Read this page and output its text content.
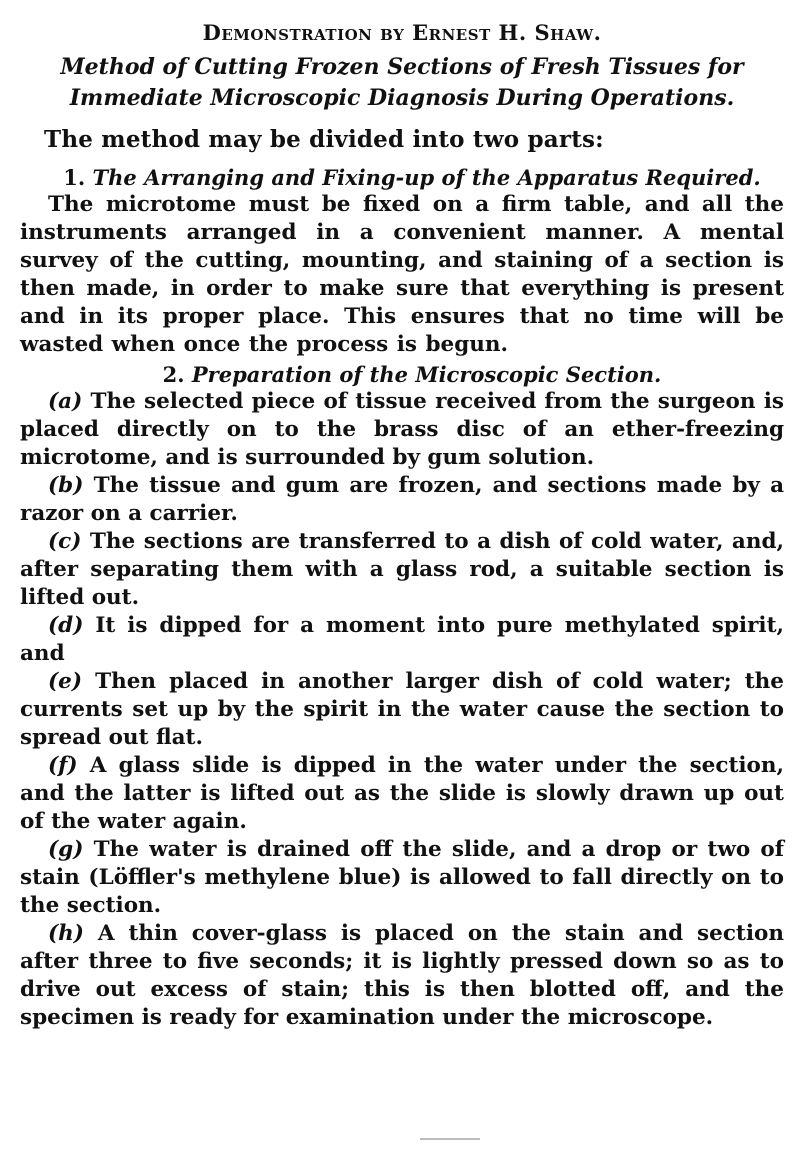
Demonstration by Ernest H. Shaw.

Method of Cutting Frozen Sections of Fresh Tissues for Immediate Microscopic Diagnosis During Operations.

The method may be divided into two parts:

1. The Arranging and Fixing-up of the Apparatus Required.

The microtome must be fixed on a firm table, and all the instruments arranged in a convenient manner. A mental survey of the cutting, mounting, and staining of a section is then made, in order to make sure that everything is present and in its proper place. This ensures that no time will be wasted when once the process is begun.

2. Preparation of the Microscopic Section.

(a) The selected piece of tissue received from the surgeon is placed directly on to the brass disc of an ether-freezing microtome, and is surrounded by gum solution.

(b) The tissue and gum are frozen, and sections made by a razor on a carrier.

(c) The sections are transferred to a dish of cold water, and, after separating them with a glass rod, a suitable section is lifted out.

(d) It is dipped for a moment into pure methylated spirit, and

(e) Then placed in another larger dish of cold water; the currents set up by the spirit in the water cause the section to spread out flat.

(f) A glass slide is dipped in the water under the section, and the latter is lifted out as the slide is slowly drawn up out of the water again.

(g) The water is drained off the slide, and a drop or two of stain (Löffler's methylene blue) is allowed to fall directly on to the section.

(h) A thin cover-glass is placed on the stain and section after three to five seconds; it is lightly pressed down so as to drive out excess of stain; this is then blotted off, and the specimen is ready for examination under the microscope.
